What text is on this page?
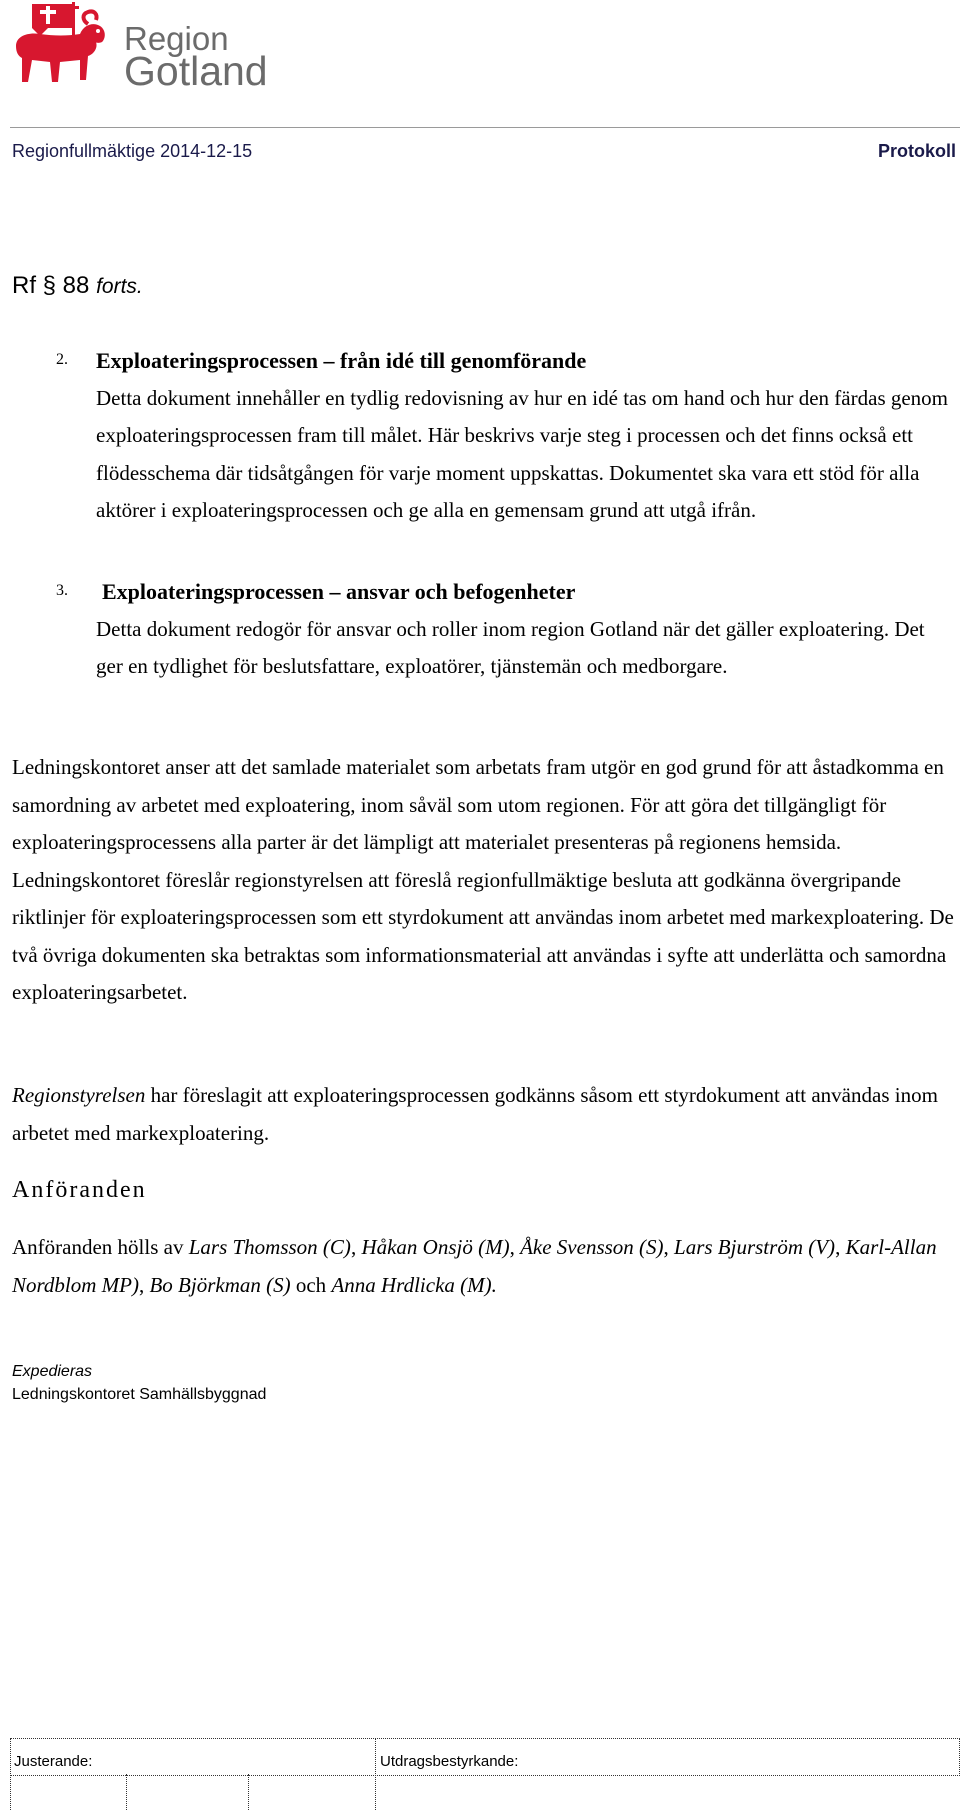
Region
Gotland
Regionfullmäktige 2014-12-15	Protokoll
Rf § 88 forts.
2. Exploateringsprocessen – från idé till genomförande
Detta dokument innehåller en tydlig redovisning av hur en idé tas om hand och hur den färdas genom exploateringsprocessen fram till målet. Här beskrivs varje steg i processen och det finns också ett flödesschema där tidsåtgången för varje moment uppskattas. Dokumentet ska vara ett stöd för alla aktörer i exploateringsprocessen och ge alla en gemensam grund att utgå ifrån.
3. Exploateringsprocessen – ansvar och befogenheter
Detta dokument redogör för ansvar och roller inom region Gotland när det gäller exploatering. Det ger en tydlighet för beslutsfattare, exploatörer, tjänstemän och medborgare.
Ledningskontoret anser att det samlade materialet som arbetats fram utgör en god grund för att åstadkomma en samordning av arbetet med exploatering, inom såväl som utom regionen. För att göra det tillgängligt för exploateringsprocessens alla parter är det lämpligt att materialet presenteras på regionens hemsida. Ledningskontoret föreslår regionstyrelsen att föreslå regionfullmäktige besluta att godkänna övergripande riktlinjer för exploateringsprocessen som ett styrdokument att användas inom arbetet med markexploatering. De två övriga dokumenten ska betraktas som informationsmaterial att användas i syfte att underlätta och samordna exploateringsarbetet.
Regionstyrelsen har föreslagit att exploateringsprocessen godkänns såsom ett styrdokument att användas inom arbetet med markexploatering.
Anföranden
Anföranden hölls av Lars Thomsson (C), Håkan Onsjö (M), Åke Svensson (S), Lars Bjurström (V), Karl-Allan Nordblom MP), Bo Björkman (S) och Anna Hrdlicka (M).
Expedieras
Ledningskontoret Samhällsbyggnad
Justerande:	Utdragsbestyrkande:
